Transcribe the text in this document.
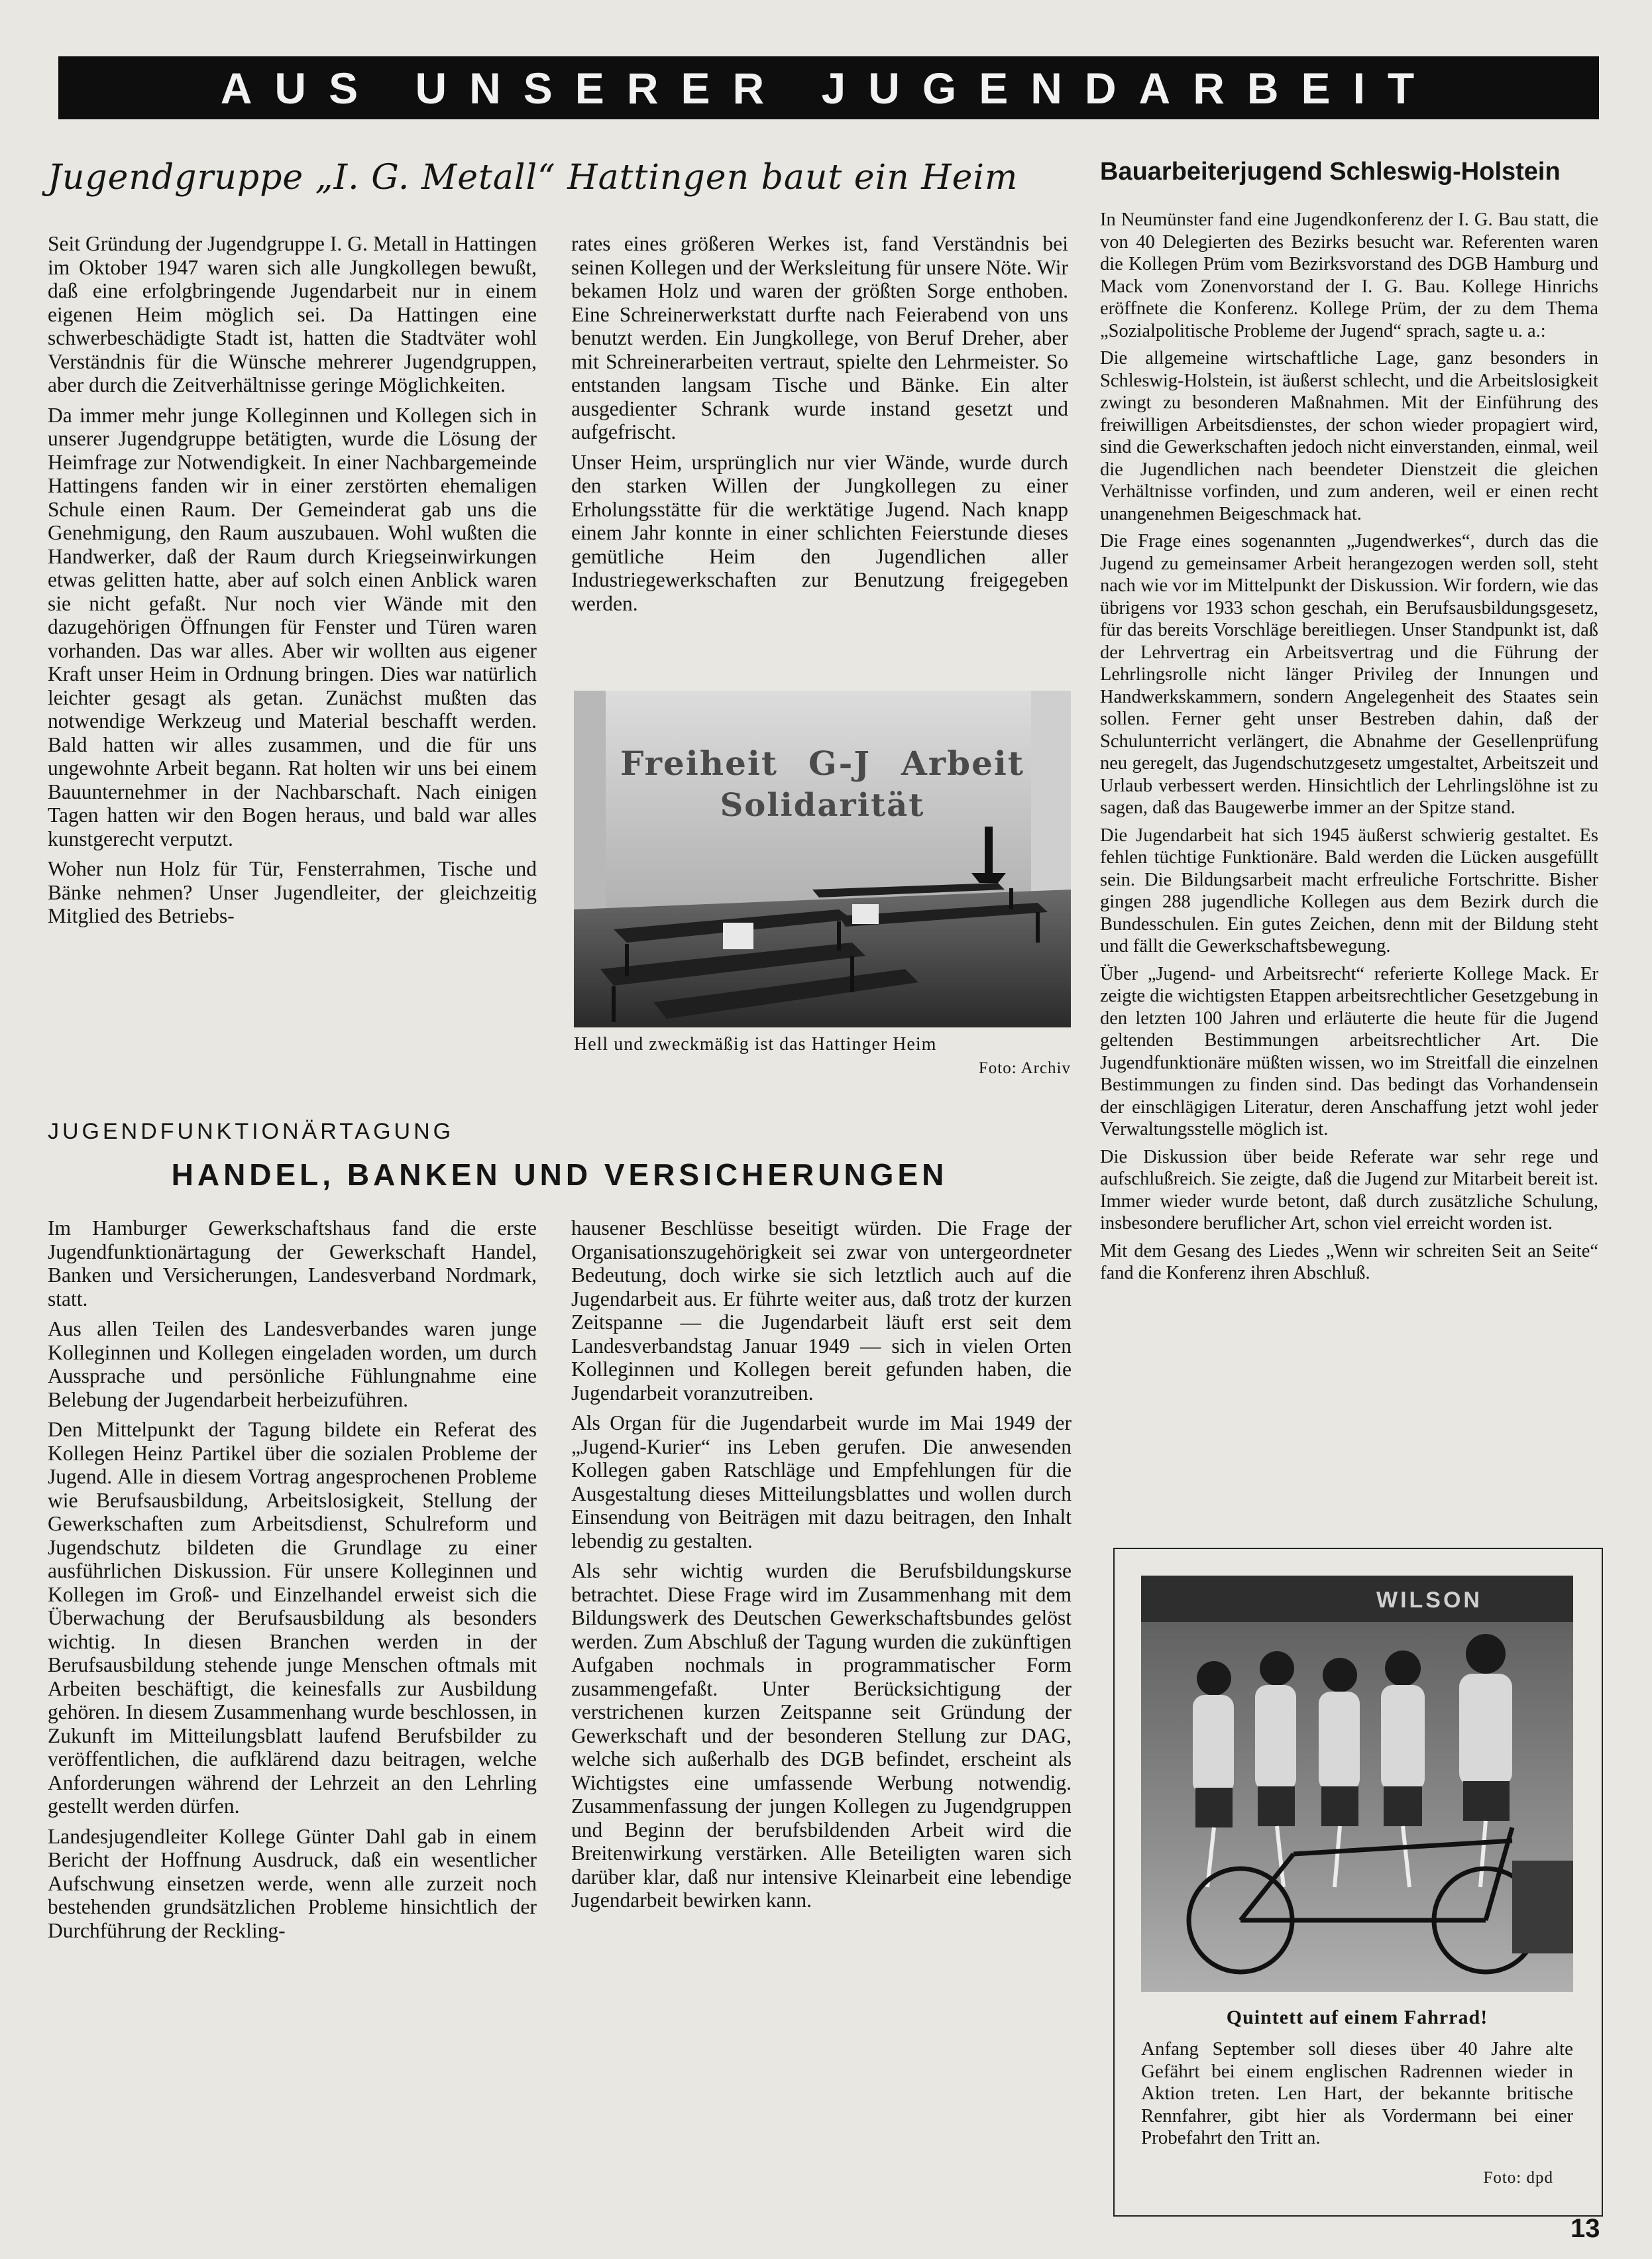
AUS UNSERER JUGENDARBEIT
Jugendgruppe „I. G. Metall“ Hattingen baut ein Heim

Seit Gründung der Jugendgruppe I. G. Metall in Hattingen im Oktober 1947 waren sich alle Jungkollegen bewußt, daß eine erfolgbringende Jugendarbeit nur in einem eigenen Heim möglich sei. Da Hattingen eine schwerbeschädigte Stadt ist, hatten die Stadtväter wohl Verständnis für die Wünsche mehrerer Jugendgruppen, aber durch die Zeitverhältnisse geringe Möglichkeiten.

Da immer mehr junge Kolleginnen und Kollegen sich in unserer Jugendgruppe betätigten, wurde die Lösung der Heimfrage zur Notwendigkeit. In einer Nachbargemeinde Hattingens fanden wir in einer zerstörten ehemaligen Schule einen Raum. Der Gemeinderat gab uns die Genehmigung, den Raum auszubauen. Wohl wußten die Handwerker, daß der Raum durch Kriegseinwirkungen etwas gelitten hatte, aber auf solch einen Anblick waren sie nicht gefaßt. Nur noch vier Wände mit den dazugehörigen Öffnungen für Fenster und Türen waren vorhanden. Das war alles. Aber wir wollten aus eigener Kraft unser Heim in Ordnung bringen. Dies war natürlich leichter gesagt als getan. Zunächst mußten das notwendige Werkzeug und Material beschafft werden. Bald hatten wir alles zusammen, und die für uns ungewohnte Arbeit begann. Rat holten wir uns bei einem Bauunternehmer in der Nachbarschaft. Nach einigen Tagen hatten wir den Bogen heraus, und bald war alles kunstgerecht verputzt.

Woher nun Holz für Tür, Fensterrahmen, Tische und Bänke nehmen? Unser Jugendleiter, der gleichzeitig Mitglied des Betriebs-

rates eines größeren Werkes ist, fand Verständnis bei seinen Kollegen und der Werksleitung für unsere Nöte. Wir bekamen Holz und waren der größten Sorge enthoben. Eine Schreinerwerkstatt durfte nach Feierabend von uns benutzt werden. Ein Jungkollege, von Beruf Dreher, aber mit Schreinerarbeiten vertraut, spielte den Lehrmeister. So entstanden langsam Tische und Bänke. Ein alter ausgedienter Schrank wurde instand gesetzt und aufgefrischt.

Unser Heim, ursprünglich nur vier Wände, wurde durch den starken Willen der Jungkollegen zu einer Erholungsstätte für die werktätige Jugend. Nach knapp einem Jahr konnte in einer schlichten Feierstunde dieses gemütliche Heim den Jugendlichen aller Industriegewerkschaften zur Benutzung freigegeben werden.

Freiheit G-J Arbeit
Solidarität
Hell und zweckmäßig ist das Hattinger Heim
Foto: Archiv
Bauarbeiterjugend Schleswig-Holstein

In Neumünster fand eine Jugendkonferenz der I. G. Bau statt, die von 40 Delegierten des Bezirks besucht war. Referenten waren die Kollegen Prüm vom Bezirksvorstand des DGB Hamburg und Mack vom Zonenvorstand der I. G. Bau. Kollege Hinrichs eröffnete die Konferenz. Kollege Prüm, der zu dem Thema „Sozialpolitische Probleme der Jugend“ sprach, sagte u. a.:

Die allgemeine wirtschaftliche Lage, ganz besonders in Schleswig-Holstein, ist äußerst schlecht, und die Arbeitslosigkeit zwingt zu besonderen Maßnahmen. Mit der Einführung des freiwilligen Arbeitsdienstes, der schon wieder propagiert wird, sind die Gewerkschaften jedoch nicht einverstanden, einmal, weil die Jugendlichen nach beendeter Dienstzeit die gleichen Verhältnisse vorfinden, und zum anderen, weil er einen recht unangenehmen Beigeschmack hat.

Die Frage eines sogenannten „Jugendwerkes“, durch das die Jugend zu gemeinsamer Arbeit herangezogen werden soll, steht nach wie vor im Mittelpunkt der Diskussion. Wir fordern, wie das übrigens vor 1933 schon geschah, ein Berufsausbildungsgesetz, für das bereits Vorschläge bereitliegen. Unser Standpunkt ist, daß der Lehrvertrag ein Arbeitsvertrag und die Führung der Lehrlingsrolle nicht länger Privileg der Innungen und Handwerkskammern, sondern Angelegenheit des Staates sein sollen. Ferner geht unser Bestreben dahin, daß der Schulunterricht verlängert, die Abnahme der Gesellenprüfung neu geregelt, das Jugendschutzgesetz umgestaltet, Arbeitszeit und Urlaub verbessert werden. Hinsichtlich der Lehrlingslöhne ist zu sagen, daß das Baugewerbe immer an der Spitze stand.

Die Jugendarbeit hat sich 1945 äußerst schwierig gestaltet. Es fehlen tüchtige Funktionäre. Bald werden die Lücken ausgefüllt sein. Die Bildungsarbeit macht erfreuliche Fortschritte. Bisher gingen 288 jugendliche Kollegen aus dem Bezirk durch die Bundesschulen. Ein gutes Zeichen, denn mit der Bildung steht und fällt die Gewerkschaftsbewegung.

Über „Jugend- und Arbeitsrecht“ referierte Kollege Mack. Er zeigte die wichtigsten Etappen arbeitsrechtlicher Gesetzgebung in den letzten 100 Jahren und erläuterte die heute für die Jugend geltenden Bestimmungen arbeitsrechtlicher Art. Die Jugendfunktionäre müßten wissen, wo im Streitfall die einzelnen Bestimmungen zu finden sind. Das bedingt das Vorhandensein der einschlägigen Literatur, deren Anschaffung jetzt wohl jeder Verwaltungsstelle möglich ist.

Die Diskussion über beide Referate war sehr rege und aufschlußreich. Sie zeigte, daß die Jugend zur Mitarbeit bereit ist. Immer wieder wurde betont, daß durch zusätzliche Schulung, insbesondere beruflicher Art, schon viel erreicht worden ist.

Mit dem Gesang des Liedes „Wenn wir schreiten Seit an Seite“ fand die Konferenz ihren Abschluß.

JUGENDFUNKTIONÄRTAGUNG
HANDEL, BANKEN UND VERSICHERUNGEN

Im Hamburger Gewerkschaftshaus fand die erste Jugendfunktionärtagung der Gewerkschaft Handel, Banken und Versicherungen, Landesverband Nordmark, statt.

Aus allen Teilen des Landesverbandes waren junge Kolleginnen und Kollegen eingeladen worden, um durch Aussprache und persönliche Fühlungnahme eine Belebung der Jugendarbeit herbeizuführen.

Den Mittelpunkt der Tagung bildete ein Referat des Kollegen Heinz Partikel über die sozialen Probleme der Jugend. Alle in diesem Vortrag angesprochenen Probleme wie Berufsausbildung, Arbeitslosigkeit, Stellung der Gewerkschaften zum Arbeitsdienst, Schulreform und Jugendschutz bildeten die Grundlage zu einer ausführlichen Diskussion. Für unsere Kolleginnen und Kollegen im Groß- und Einzelhandel erweist sich die Überwachung der Berufsausbildung als besonders wichtig. In diesen Branchen werden in der Berufsausbildung stehende junge Menschen oftmals mit Arbeiten beschäftigt, die keinesfalls zur Ausbildung gehören. In diesem Zusammenhang wurde beschlossen, in Zukunft im Mitteilungsblatt laufend Berufsbilder zu veröffentlichen, die aufklärend dazu beitragen, welche Anforderungen während der Lehrzeit an den Lehrling gestellt werden dürfen.

Landesjugendleiter Kollege Günter Dahl gab in einem Bericht der Hoffnung Ausdruck, daß ein wesentlicher Aufschwung einsetzen werde, wenn alle zurzeit noch bestehenden grundsätzlichen Probleme hinsichtlich der Durchführung der Reckling-

hausener Beschlüsse beseitigt würden. Die Frage der Organisationszugehörigkeit sei zwar von untergeordneter Bedeutung, doch wirke sie sich letztlich auch auf die Jugendarbeit aus. Er führte weiter aus, daß trotz der kurzen Zeitspanne — die Jugendarbeit läuft erst seit dem Landesverbandstag Januar 1949 — sich in vielen Orten Kolleginnen und Kollegen bereit gefunden haben, die Jugendarbeit voranzutreiben.

Als Organ für die Jugendarbeit wurde im Mai 1949 der „Jugend-Kurier“ ins Leben gerufen. Die anwesenden Kollegen gaben Ratschläge und Empfehlungen für die Ausgestaltung dieses Mitteilungsblattes und wollen durch Einsendung von Beiträgen mit dazu beitragen, den Inhalt lebendig zu gestalten.

Als sehr wichtig wurden die Berufsbildungskurse betrachtet. Diese Frage wird im Zusammenhang mit dem Bildungswerk des Deutschen Gewerkschaftsbundes gelöst werden. Zum Abschluß der Tagung wurden die zukünftigen Aufgaben nochmals in programmatischer Form zusammengefaßt. Unter Berücksichtigung der verstrichenen kurzen Zeitspanne seit Gründung der Gewerkschaft und der besonderen Stellung zur DAG, welche sich außerhalb des DGB befindet, erscheint als Wichtigstes eine umfassende Werbung notwendig. Zusammenfassung der jungen Kollegen zu Jugendgruppen und Beginn der berufsbildenden Arbeit wird die Breitenwirkung verstärken. Alle Beteiligten waren sich darüber klar, daß nur intensive Kleinarbeit eine lebendige Jugendarbeit bewirken kann.

WILSON
Quintett auf einem Fahrrad!

Anfang September soll dieses über 40 Jahre alte Gefährt bei einem englischen Radrennen wieder in Aktion treten. Len Hart, der bekannte britische Rennfahrer, gibt hier als Vordermann bei einer Probefahrt den Tritt an.

Foto: dpd
13
